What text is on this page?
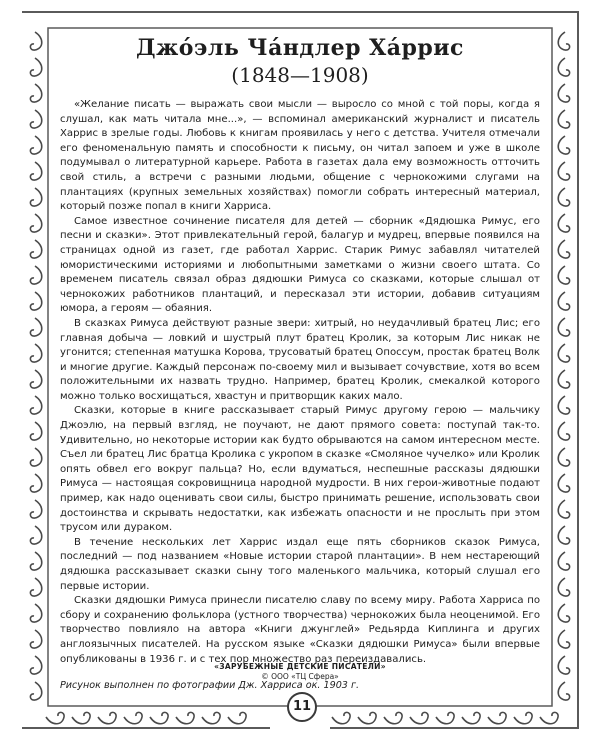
Джóэль Чáндлер Хáррис
(1848—1908)

«Желание писать — выражать свои мысли — выросло со мной с той поры, когда я слушал, как мать читала мне...», — вспоминал американский журналист и писатель Харрис в зрелые годы. Любовь к книгам проявилась у него с детства. Учителя отмечали его феноменальную память и способности к письму, он читал запоем и уже в школе подумывал о литературной карьере. Работа в газетах дала ему возможность отточить свой стиль, а встречи с разными людьми, общение с чернокожими слугами на плантациях (крупных земельных хозяйствах) помогли собрать интересный материал, который позже попал в книги Харриса.

Самое известное сочинение писателя для детей — сборник «Дядюшка Римус, его песни и сказки». Этот привлекательный герой, балагур и мудрец, впервые появился на страницах одной из газет, где работал Харрис. Старик Римус забавлял читателей юмористическими историями и любопытными заметками о жизни своего штата. Со временем писатель связал образ дядюшки Римуса со сказками, которые слышал от чернокожих работников плантаций, и пересказал эти истории, добавив ситуациям юмора, а героям — обаяния.

В сказках Римуса действуют разные звери: хитрый, но неудачливый братец Лис; его главная добыча — ловкий и шустрый плут братец Кролик, за которым Лис никак не угонится; степенная матушка Корова, трусоватый братец Опоссум, простак братец Волк и многие другие. Каждый персонаж по-своему мил и вызывает сочувствие, хотя во всем положительными их назвать трудно. Например, братец Кролик, смекалкой которого можно только восхищаться, хвастун и притворщик каких мало.

Сказки, которые в книге рассказывает старый Римус другому герою — мальчику Джоэлю, на первый взгляд, не поучают, не дают прямого совета: поступай так-то. Удивительно, но некоторые истории как будто обрываются на самом интересном месте. Съел ли братец Лис братца Кролика с укропом в сказке «Смоляное чучелко» или Кролик опять обвел его вокруг пальца? Но, если вдуматься, неспешные рассказы дядюшки Римуса — настоящая сокровищница народной мудрости. В них герои-животные подают пример, как надо оценивать свои силы, быстро принимать решение, использовать свои достоинства и скрывать недостатки, как избежать опасности и не прослыть при этом трусом или дураком.

В течение нескольких лет Харрис издал еще пять сборников сказок Римуса, последний — под названием «Новые истории старой плантации». В нем нестареющий дядюшка рассказывает сказки сыну того маленького мальчика, который слушал его первые истории.

Сказки дядюшки Римуса принесли писателю славу по всему миру. Работа Харриса по сбору и сохранению фольклора (устного творчества) чернокожих была неоценимой. Его творчество повлияло на автора «Книги джунглей» Редьярда Киплинга и других англоязычных писателей. На русском языке «Сказки дядюшки Римуса» были впервые опубликованы в 1936 г. и с тех пор множество раз переиздавались.

Рисунок выполнен по фотографии Дж. Харриса ок. 1903 г.
«ЗАРУБЕЖНЫЕ ДЕТСКИЕ ПИСАТЕЛИ»
© ООО «ТЦ Сфера»
11
